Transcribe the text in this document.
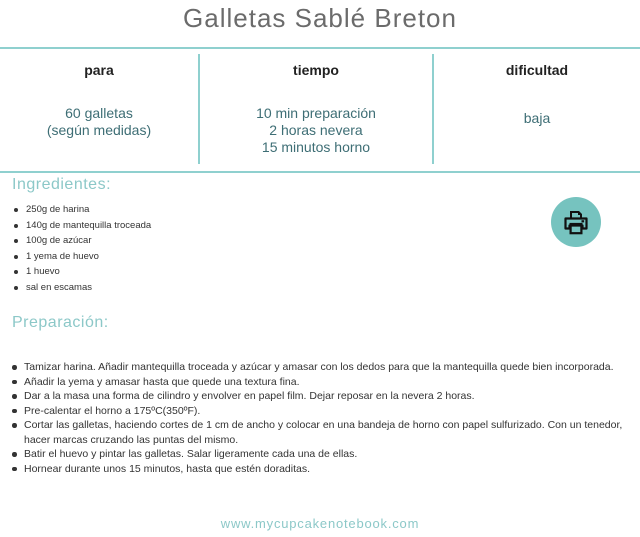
Galletas Sablé Breton
para
60 galletas
(según medidas)
tiempo
10 min preparación
2 horas nevera
15 minutos horno
dificultad
baja
Ingredientes:
250g de harina
140g de mantequilla troceada
100g de azúcar
1 yema de huevo
1 huevo
sal en escamas
Preparación:
Tamizar harina. Añadir mantequilla troceada y azúcar y amasar con los dedos para que la mantequilla quede bien incorporada.
Añadir la yema y amasar hasta que quede una textura fina.
Dar a la masa una forma de cilindro y envolver en papel film. Dejar reposar en la nevera 2 horas.
Pre-calentar el horno a 175ºC(350ºF).
Cortar las galletas, haciendo cortes de 1 cm de ancho y colocar en una bandeja de horno con papel sulfurizado. Con un tenedor, hacer marcas cruzando las puntas del mismo.
Batir el huevo y pintar las galletas. Salar ligeramente cada una de ellas.
Hornear durante unos 15 minutos, hasta que estén doraditas.
www.mycupcakenotebook.com
